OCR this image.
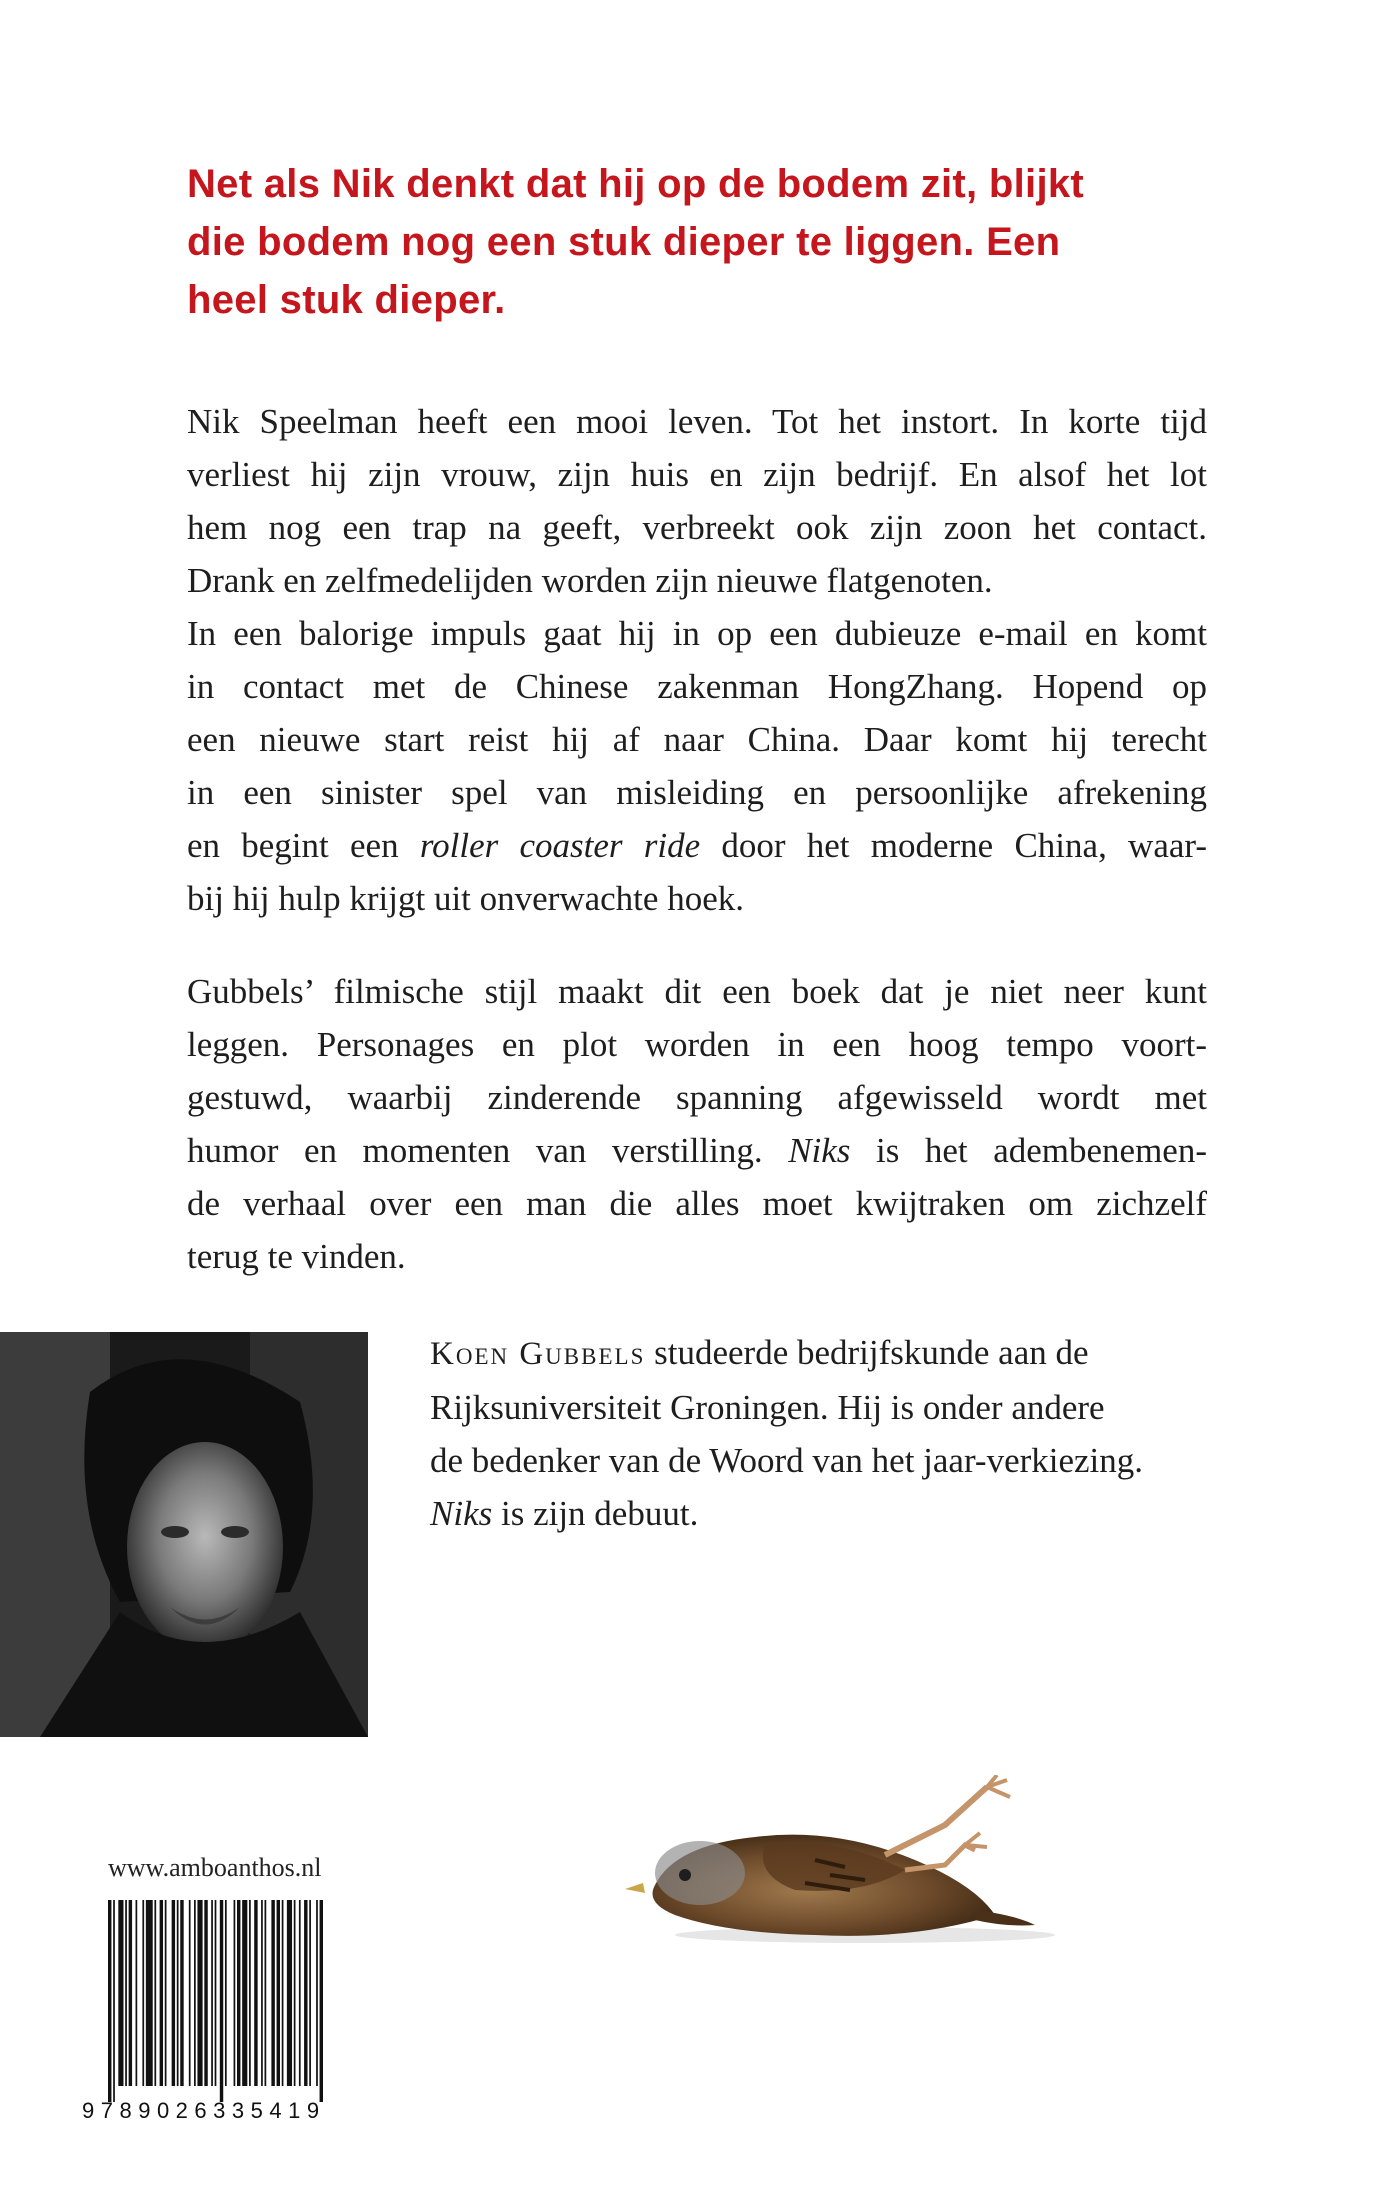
Net als Nik denkt dat hij op de bodem zit, blijkt
die bodem nog een stuk dieper te liggen. Een
heel stuk dieper.
Nik Speelman heeft een mooi leven. Tot het instort. In korte tijd
verliest hij zijn vrouw, zijn huis en zijn bedrijf. En alsof het lot
hem nog een trap na geeft, verbreekt ook zijn zoon het contact.
Drank en zelfmedelijden worden zijn nieuwe flatgenoten.
In een balorige impuls gaat hij in op een dubieuze e-mail en komt
in contact met de Chinese zakenman HongZhang. Hopend op
een nieuwe start reist hij af naar China. Daar komt hij terecht
in een sinister spel van misleiding en persoonlijke afrekening
en begint een roller coaster ride door het moderne China, waar-
bij hij hulp krijgt uit onverwachte hoek.
Gubbels’ filmische stijl maakt dit een boek dat je niet neer kunt
leggen. Personages en plot worden in een hoog tempo voort-
gestuwd, waarbij zinderende spanning afgewisseld wordt met
humor en momenten van verstilling. Niks is het adembenemen-
de verhaal over een man die alles moet kwijtraken om zichzelf
terug te vinden.
Koen Gubbels studeerde bedrijfskunde aan de
Rijksuniversiteit Groningen. Hij is onder andere
de bedenker van de Woord van het jaar-verkiezing.
Niks is zijn debuut.
www.amboanthos.nl
9789026335419
